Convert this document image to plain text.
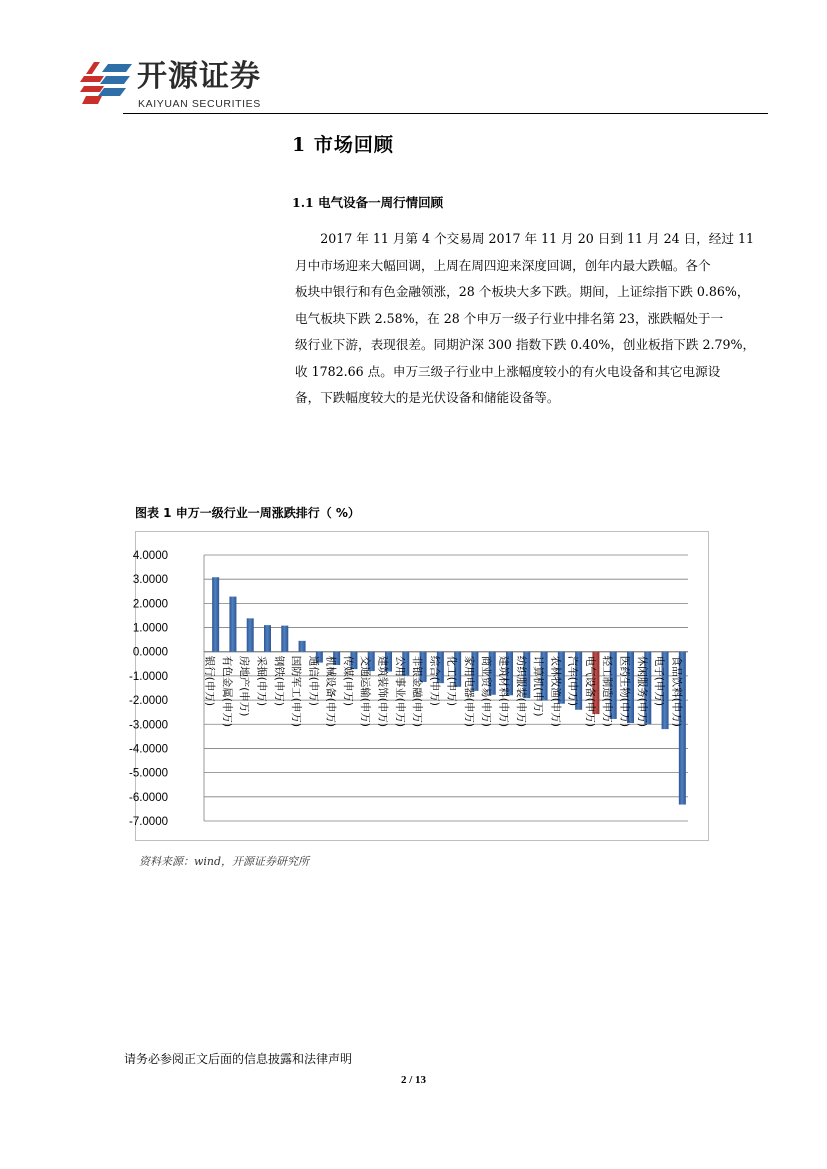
开源证券
KAIYUAN SECURITIES
1 市场回顾
1.1 电气设备一周行情回顾

2017 年 11 月第 4 个交易周 2017 年 11 月 20 日到 11 月 24 日，经过 11
月中市场迎来大幅回调，上周在周四迎来深度回调，创年内最大跌幅。各个
板块中银行和有色金融领涨，28 个板块大多下跌。期间，上证综指下跌 0.86%，
电气板块下跌 2.58%，在 28 个申万一级子行业中排名第 23，涨跌幅处于一
级行业下游，表现很差。同期沪深 300 指数下跌 0.40%，创业板指下跌 2.79%，
收 1782.66 点。申万三级子行业中上涨幅度较小的有火电设备和其它电源设
备，下跌幅度较大的是光伏设备和储能设备等。

图表 1 申万一级行业一周涨跌排行（ %）
4.0000
3.0000
2.0000
1.0000
0.0000
-1.0000
-2.0000
-3.0000
-4.0000
-5.0000
-6.0000
-7.0000
银行(申万) 有色金属(申万) 房地产(申万) 采掘(申万) 钢铁(申万) 国防军工(申万) 通信(申万) 机械设备(申万) 传媒(申万) 交通运输(申万) 建筑装饰(申万) 公用事业(申万) 非银金融(申万) 综合(申万) 化工(申万) 家用电器(申万) 商业贸易(申万) 建筑材料(申万) 纺织服装(申万) 计算机(申万) 农林牧渔(申万) 汽车(申万) 电气设备(申万) 轻工制造(申万) 医药生物(申万) 休闲服务(申万) 电子(申万) 食品饮料(申万)
资料来源：wind，开源证券研究所
请务必参阅正文后面的信息披露和法律声明
2 / 13
